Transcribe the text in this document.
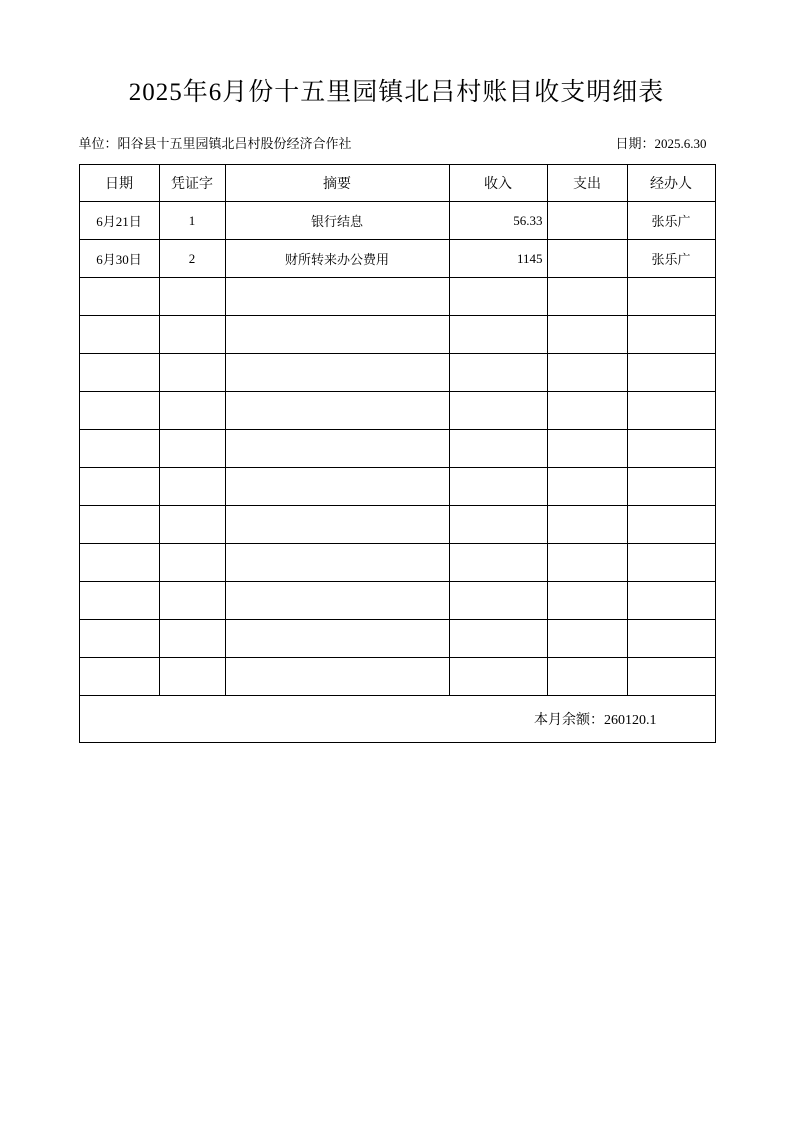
2025年6月份十五里园镇北吕村账目收支明细表
单位：阳谷县十五里园镇北吕村股份经济合作社	日期：2025.6.30
日期	凭证字	摘要	收入	支出	经办人
6月21日	1	银行结息	56.33		张乐广
6月30日	2	财所转来办公费用	1145		张乐广

本月余额：260120.1					
